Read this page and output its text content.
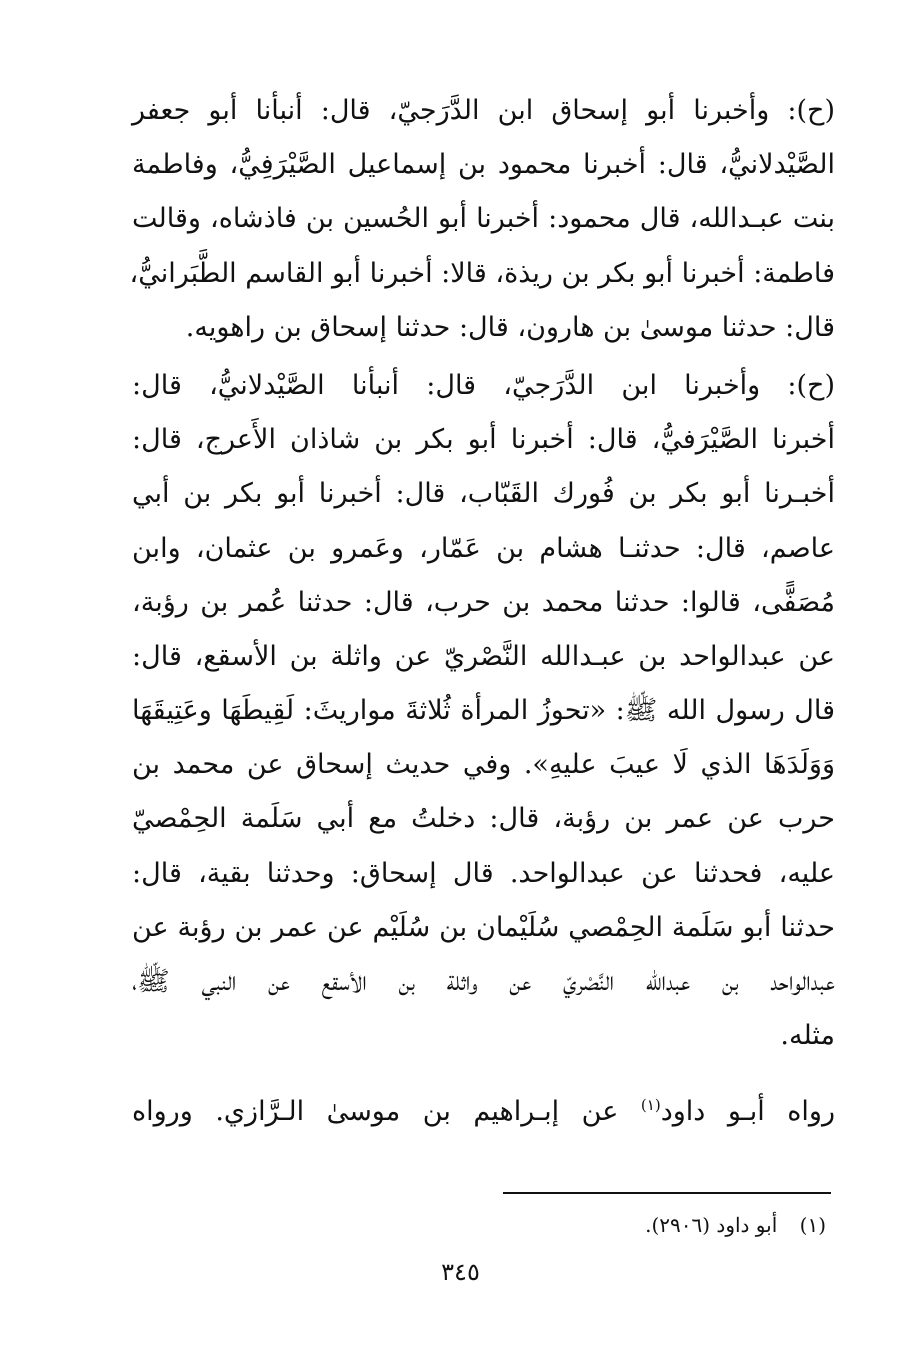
(ح): وأخبرنا أبو إسحاق ابن الدَّرَجيّ، قال: أنبأنا أبو جعفر
الصَّيْدلانيُّ، قال: أخبرنا محمود بن إسماعيل الصَّيْرَفِيُّ، وفاطمة
بنت عبـدالله، قال محمود: أخبرنا أبو الحُسين بن فاذشاه، وقالت
فاطمة: أخبرنا أبو بكر بن ريذة، قالا: أخبرنا أبو القاسم الطَّبَرانيُّ،
قال: حدثنا موسىٰ بن هارون، قال: حدثنا إسحاق بن راهويه.
(ح): وأخبرنا ابن الدَّرَجيّ، قال: أنبأنا الصَّيْدلانيُّ، قال:
أخبرنا الصَّيْرَفيُّ، قال: أخبرنا أبو بكر بن شاذان الأَعرج، قال:
أخبـرنا أبو بكر بن فُورك القَبّاب، قال: أخبرنا أبو بكر بن أبي
عاصم، قال: حدثنـا هشام بن عَمّار، وعَمرو بن عثمان، وابن
مُصَفًّى، قالوا: حدثنا محمد بن حرب، قال: حدثنا عُمر بن رؤبة،
عن عبدالواحد بن عبـدالله النَّصْريّ عن واثلة بن الأسقع، قال:
قال رسول الله ﷺ: «تحوزُ المرأة ثُلاثةَ مواريثَ: لَقِيطَهَا وعَتِيقَهَا
وَوَلَدَهَا الذي لَا عيبَ عليهِ». وفي حديث إسحاق عن محمد بن
حرب عن عمر بن رؤبة، قال: دخلتُ مع أبي سَلَمة الحِمْصيّ
عليه، فحدثنا عن عبدالواحد. قال إسحاق: وحدثنا بقية، قال:
حدثنا أبو سَلَمة الحِمْصي سُلَيْمان بن سُلَيْم عن عمر بن رؤبة عن
عبدالواحد بن عبدالله النَّصْريّ عن واثلة بن الأسقع عن النبي ﷺ،
مثله.
رواه أبـو داود$^{(١)}$ عن إبـراهيم بن موسىٰ الـرَّازي. ورواه
(١) أبو داود (٢٩٠٦).
٣٤٥
